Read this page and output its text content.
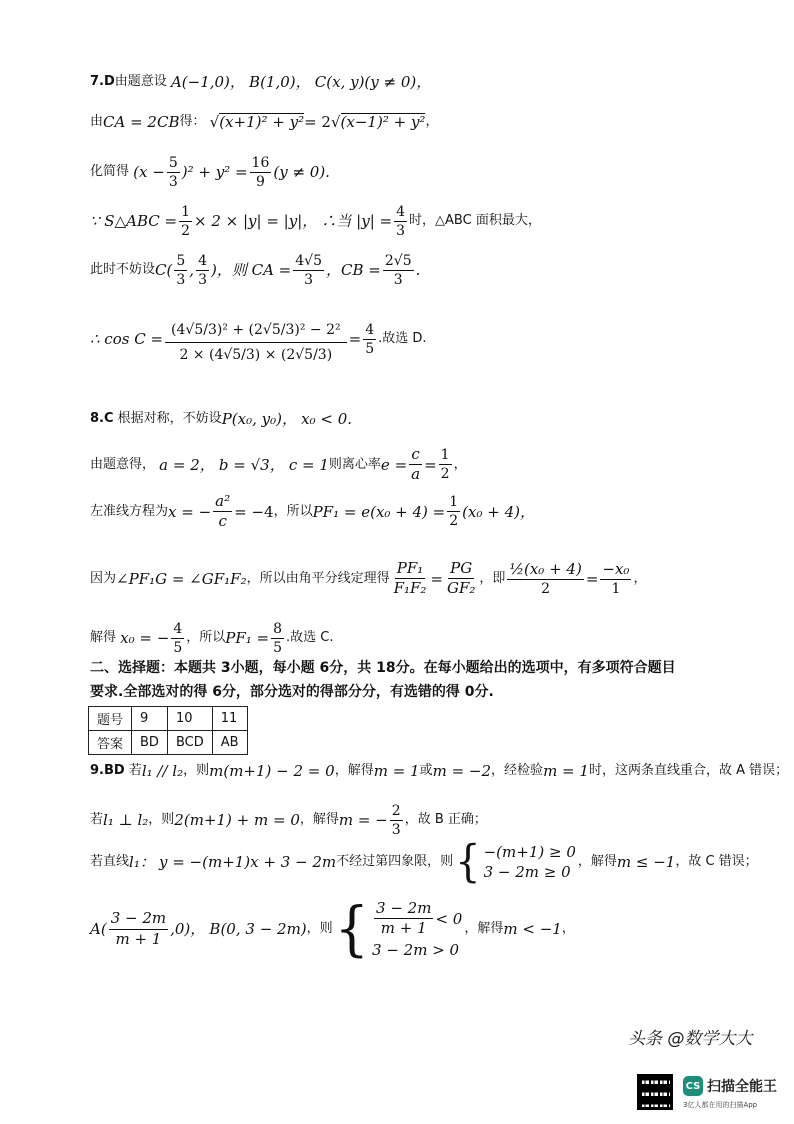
7.D 由题意设
A(−1,0)，
B(1,0)，
C(x, y)(y ≠ 0)，
由 CA = 2CB 得：
√ (x+1)² + y² = 2 √ (x−1)² + y² ，
化简得
$(x - \frac{5}{3} )^2 + y^2 = \frac{16}{9} (y \ne 0)$.
∵ S△ABC = $\frac{1}{2} \times 2 \times |y| = |y|$，
∴当 $|y| = \frac{4}{3}$ 时， △ABC 面积最大，
此时不妨设 $C( \frac{5}{3}$ , $\frac{4}{3}$ )，则 CA = $\frac{4√5}{3}$ ，CB = $\frac{2√5}{3}$ .
∴ $\cos C = \frac{\text{(4√5/3)² + (2√5/3)² − 2²}}{2 \times (4√5/3) \times (2√5/3)} = \frac{4}{5}$ .故选 D.
8.C
根据对称，不妨设 P(x₀, y₀)，
x₀ < 0.
由题意得，
a = 2，
b = √3，
c = 1 则离心率 $e = \frac{c}{a} = \frac{1}{2}$ ，
左准线方程为 x = − $\frac{\text{a²}}{c} = -4$ ，所以 $PF_1 = e(x_0 + 4) = \frac{1}{2} (x_0 + 4)$，
因为 ∠PF₁G = ∠GF₁F₂ ，所以由角平分线定理得 $\frac{\text{PF₁}}{\text{F₁F₂}} = \frac{PG}{\text{GF₂}}$ ，即 $\frac{\text{½(x₀ + 4)}}{2} = \frac{\text{−x₀}}{1}$ ，
解得
x₀ = − $\frac{4}{5}$ ，所以 $PF_1 = \frac{8}{5}$ .故选 C.
二、选择题：本题共 3小题，每小题 6分，共 18分。在每小题给出的选项中，有多项符合题目
要求.全部选对的得 6分，部分选对的得部分分，有选错的得 0分.
题号	9	10	11
答案	BD	BCD	AB
9.BD
若 l₁ // l₂ ，则 m(m+1) − 2 = 0 ，解得 m = 1 或 m = −2 ，经检验 m = 1 时，这两条直线重合，故 A 错误；
若 l₁ ⊥ l₂ ，则 2(m+1) + m = 0 ，解得 m = − $\frac{2}{3}$ ，故 B 正确；
若直线 l₁：
y = −(m+1)x + 3 − 2m 不经过第四象限，则 { −(m+1) ≥ 0
3 − 2m ≥ 0
，解得 m ≤ −1 ，故 C 错误；
$A( \frac{3 - 2m}{m + 1} ,0)$，
B(0, 3 − 2m) ，则 { $\frac{3 - 2m}{m + 1} < 0$
3 − 2m > 0
，解得 m < −1 ，
头条 @数学大大
CS 扫描全能王
3亿人都在用的扫描App
